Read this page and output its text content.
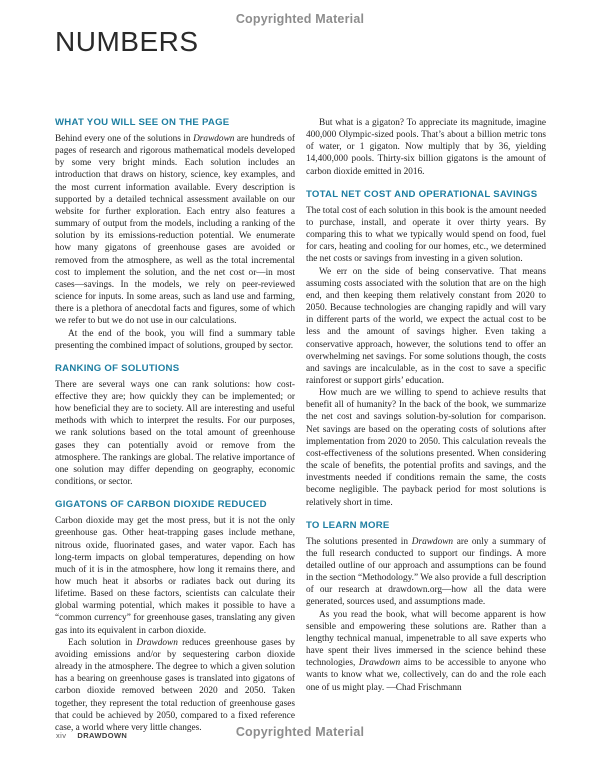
Copyrighted Material
NUMBERS
WHAT YOU WILL SEE ON THE PAGE

Behind every one of the solutions in Drawdown are hundreds of pages of research and rigorous mathematical models developed by some very bright minds. Each solution includes an introduction that draws on history, science, key examples, and the most current information available. Every description is supported by a detailed technical assessment available on our website for further exploration. Each entry also features a summary of output from the models, including a ranking of the solution by its emissions-reduction potential. We enumerate how many gigatons of greenhouse gases are avoided or removed from the atmosphere, as well as the total incremental cost to implement the solution, and the net cost or—in most cases—savings. In the models, we rely on peer-reviewed science for inputs. In some areas, such as land use and farming, there is a plethora of anecdotal facts and figures, some of which we refer to but we do not use in our calculations.

At the end of the book, you will find a summary table presenting the combined impact of solutions, grouped by sector.

RANKING OF SOLUTIONS

There are several ways one can rank solutions: how cost-effective they are; how quickly they can be implemented; or how beneficial they are to society. All are interesting and useful methods with which to interpret the results. For our purposes, we rank solutions based on the total amount of greenhouse gases they can potentially avoid or remove from the atmosphere. The rankings are global. The relative importance of one solution may differ depending on geography, economic conditions, or sector.

GIGATONS OF CARBON DIOXIDE REDUCED

Carbon dioxide may get the most press, but it is not the only greenhouse gas. Other heat-trapping gases include methane, nitrous oxide, fluorinated gases, and water vapor. Each has long-term impacts on global temperatures, depending on how much of it is in the atmosphere, how long it remains there, and how much heat it absorbs or radiates back out during its lifetime. Based on these factors, scientists can calculate their global warming potential, which makes it possible to have a “common currency” for greenhouse gases, translating any given gas into its equivalent in carbon dioxide.

Each solution in Drawdown reduces greenhouse gases by avoiding emissions and/or by sequestering carbon dioxide already in the atmosphere. The degree to which a given solution has a bearing on greenhouse gases is translated into gigatons of carbon dioxide removed between 2020 and 2050. Taken together, they represent the total reduction of greenhouse gases that could be achieved by 2050, compared to a fixed reference case, a world where very little changes.

But what is a gigaton? To appreciate its magnitude, imagine 400,000 Olympic-sized pools. That’s about a billion metric tons of water, or 1 gigaton. Now multiply that by 36, yielding 14,400,000 pools. Thirty-six billion gigatons is the amount of carbon dioxide emitted in 2016.

TOTAL NET COST AND OPERATIONAL SAVINGS

The total cost of each solution in this book is the amount needed to purchase, install, and operate it over thirty years. By comparing this to what we typically would spend on food, fuel for cars, heating and cooling for our homes, etc., we determined the net costs or savings from investing in a given solution.

We err on the side of being conservative. That means assuming costs associated with the solution that are on the high end, and then keeping them relatively constant from 2020 to 2050. Because technologies are changing rapidly and will vary in different parts of the world, we expect the actual cost to be less and the amount of savings higher. Even taking a conservative approach, however, the solutions tend to offer an overwhelming net savings. For some solutions though, the costs and savings are incalculable, as in the cost to save a specific rainforest or support girls’ education.

How much are we willing to spend to achieve results that benefit all of humanity? In the back of the book, we summarize the net cost and savings solution-by-solution for comparison. Net savings are based on the operating costs of solutions after implementation from 2020 to 2050. This calculation reveals the cost-effectiveness of the solutions presented. When considering the scale of benefits, the potential profits and savings, and the investments needed if conditions remain the same, the costs become negligible. The payback period for most solutions is relatively short in time.

TO LEARN MORE

The solutions presented in Drawdown are only a summary of the full research conducted to support our findings. A more detailed outline of our approach and assumptions can be found in the section “Methodology.” We also provide a full description of our research at drawdown.org—how all the data were generated, sources used, and assumptions made.

As you read the book, what will become apparent is how sensible and empowering these solutions are. Rather than a lengthy technical manual, impenetrable to all save experts who have spent their lives immersed in the science behind these technologies, Drawdown aims to be accessible to anyone who wants to know what we, collectively, can do and the role each one of us might play. —Chad Frischmann

xiv DRAWDOWN	Copyrighted Material
